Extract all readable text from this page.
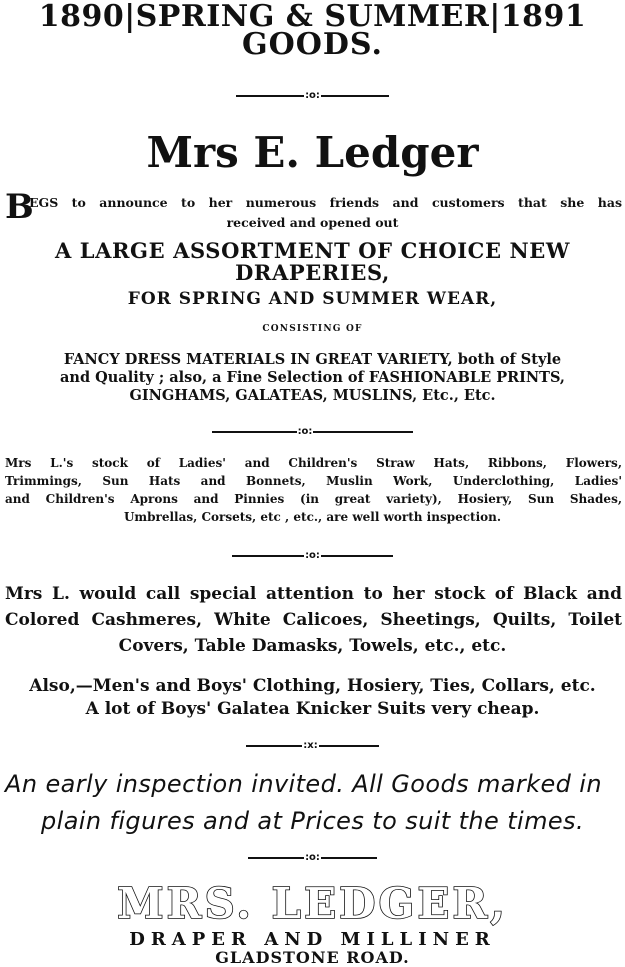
1890|SPRING & SUMMER|1891
GOODS.
:o:
Mrs E. Ledger
B
EGS to announce to her numerous friends and customers that she has
received and opened out
A LARGE ASSORTMENT OF CHOICE NEW
DRAPERIES,
FOR SPRING AND SUMMER WEAR,
CONSISTING OF
FANCY DRESS MATERIALS IN GREAT VARIETY, both of Style
and Quality ; also, a Fine Selection of FASHIONABLE PRINTS,
GINGHAMS, GALATEAS, MUSLINS, Etc., Etc.
:o:
Mrs L.'s stock of Ladies' and Children's Straw Hats, Ribbons, Flowers,
Trimmings, Sun Hats and Bonnets, Muslin Work, Underclothing, Ladies'
and Children's Aprons and Pinnies (in great variety), Hosiery, Sun Shades,
Umbrellas, Corsets, etc , etc., are well worth inspection.
:o:
Mrs L. would call special attention to her stock of Black and
Colored Cashmeres, White Calicoes, Sheetings, Quilts, Toilet
Covers, Table Damasks, Towels, etc., etc.
Also,—Men's and Boys' Clothing, Hosiery, Ties, Collars, etc.
A lot of Boys' Galatea Knicker Suits very cheap.
:x:
An early inspection invited. All Goods marked in
plain figures and at Prices to suit the times.
:o:
MRS. LEDGER,
DRAPER AND MILLINER
GLADSTONE ROAD.
